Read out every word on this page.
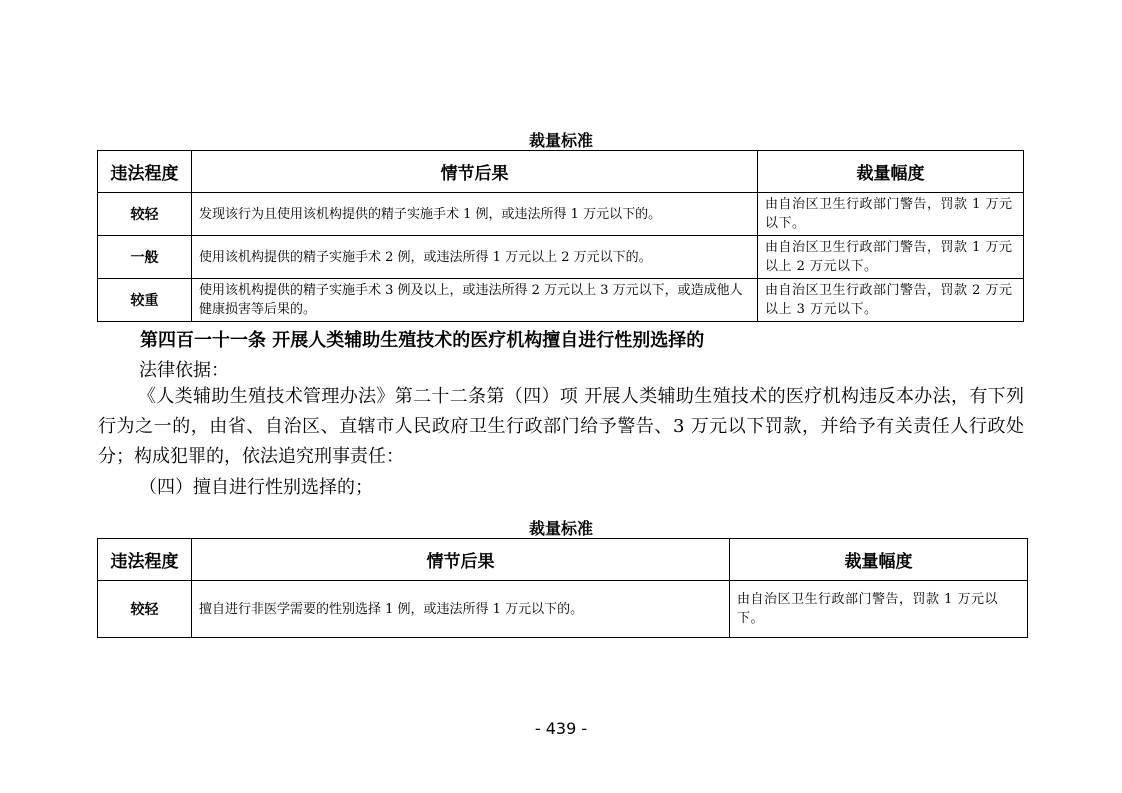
裁量标准
违法程度	情节后果	裁量幅度
较轻	发现该行为且使用该机构提供的精子实施手术 1 例，或违法所得 1 万元以下的。	由自治区卫生行政部门警告，罚款 1 万元以下。
一般	使用该机构提供的精子实施手术 2 例，或违法所得 1 万元以上 2 万元以下的。	由自治区卫生行政部门警告，罚款 1 万元以上 2 万元以下。
较重	使用该机构提供的精子实施手术 3 例及以上，或违法所得 2 万元以上 3 万元以下，或造成他人健康损害等后果的。	由自治区卫生行政部门警告，罚款 2 万元以上 3 万元以下。
第四百一十一条 开展人类辅助生殖技术的医疗机构擅自进行性别选择的
法律依据：

《人类辅助生殖技术管理办法》第二十二条第（四）项 开展人类辅助生殖技术的医疗机构违反本办法，有下列行为之一的，由省、自治区、直辖市人民政府卫生行政部门给予警告、3 万元以下罚款，并给予有关责任人行政处分；构成犯罪的，依法追究刑事责任：

（四）擅自进行性别选择的；
裁量标准
违法程度	情节后果	裁量幅度
较轻	擅自进行非医学需要的性别选择 1 例，或违法所得 1 万元以下的。	由自治区卫生行政部门警告，罚款 1 万元以下。
- 439 -
